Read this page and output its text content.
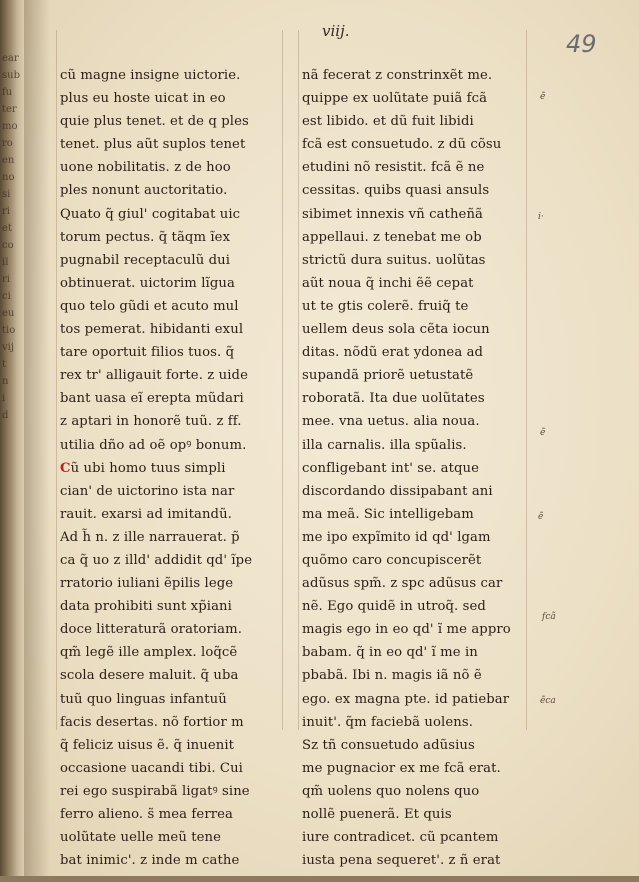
ear
sub
fu
ter
mo
ro
en
no
si
ri
et
co
il
ri
ci
eu
tio
vij
t
n
i
d
viij.	49
cũ magne insigne uictorie.
plus eu hoste uicat in eo
quie plus tenet. et de q ples
tenet. plus aũt suplos tenet
uone nobilitatis. z de hoo
ples nonunt auctoritatio.
Quato q̃ giul' cogitabat uic
torum pectus. q̃ tãqm ĩex
pugnabil receptaculũ dui
obtinuerat. uictorim lĩgua
quo telo gũdi et acuto mul
tos pemerat. hibidanti exul
tare oportuit filios tuos. q̃
rex tr' alligauit forte. z uide
bant uasa eĩ erepta mũdari
z aptari in honorẽ tuũ. z ff.
utilia dño ad oẽ opꝰ bonum.
Cũ ubi homo tuus simpli
cian' de uictorino ista nar
rauit. exarsi ad imitandũ.
Ad h̃ n. z ille narrauerat. p̃
ca q̃ uo z illd' addidit qd' ĩpe
rratorio iuliani ẽpilis lege
data prohibiti sunt xp̃iani
doce litteraturã oratoriam.
qm̃ legẽ ille amplex. loq̃cẽ
scola desere maluit. q̃ uba
tuũ quo linguas infantuũ
facis desertas. nõ fortior m
q̃ feliciz uisus ẽ. q̃ inuenit
occasione uacandi tibi. Cui
rei ego suspirabã ligatꝰ sine
ferro alieno. s̃ mea ferrea
uolũtate uelle meũ tene
bat inimic'. z inde m cathe
nã fecerat z constrinxẽt me.
quippe ex uolũtate puiã fcã
est libido. et dũ fuit libidi
fcã est consuetudo. z dũ cõsu
etudini nõ resistit. fcã ẽ ne
cessitas. quibs quasi ansuls
sibimet innexis vñ catheñã
appellaui. z tenebat me ob
strictũ dura suitus. uolũtas
aũt noua q̃ inchi ẽẽ cepat
ut te gtis colerẽ. fruiq̃ te
uellem deus sola cẽta iocun
ditas. nõdũ erat ydonea ad
supandã priorẽ uetustatẽ
roboratã. Ita due uolũtates
mee. vna uetus. alia noua.
illa carnalis. illa spũalis.
confligebant int' se. atque
discordando dissipabant ani
ma meã. Sic intelligebam
me ipo expĩmito id qd' lgam
quõmo caro concupiscerẽt
adũsus spm̃. z spc adũsus car
nẽ. Ego quidẽ in utroq̃. sed
magis ego in eo qd' ĩ me appro
babam. q̃ in eo qd' ĩ me in
pbabã. Ibi n. magis iã nõ ẽ
ego. ex magna pte. id patiebar
inuit'. q̃m faciebã uolens.
Sz tñ consuetudo adũsius
me pugnacior ex me fcã erat.
qm̃ uolens quo nolens quo
nollẽ puenerã. Et quis
iure contradicet. cũ pcantem
iusta pena sequeret'. z ñ erat
ẽ
i·
ẽ
ẽ
fcã
ẽca
